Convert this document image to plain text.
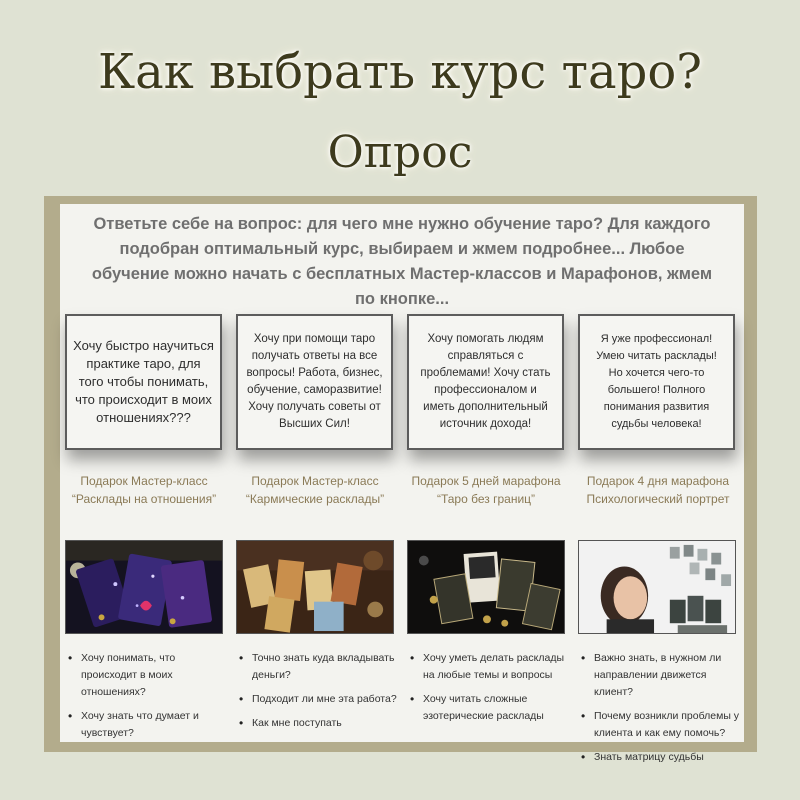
Как выбрать курс таро?
Опрос
Ответьте себе на вопрос: для чего мне нужно обучение таро? Для каждого подобран оптимальный курс, выбираем и жмем подробнее... Любое обучение можно начать с бесплатных Мастер-классов и Марафонов, жмем по кнопке...
Хочу быстро научиться практике таро, для того чтобы понимать, что происходит в моих отношениях???
Хочу при помощи таро получать ответы на все вопросы! Работа, бизнес, обучение, саморазвитие! Хочу получать советы от Высших Сил!
Хочу помогать людям справляться с проблемами! Хочу стать профессионалом и иметь дополнительный источник дохода!
Я уже профессионал! Умею читать расклады! Но хочется чего-то большего! Полного понимания развития судьбы человека!
Подарок Мастер-класс “Расклады на отношения”
Подарок Мастер-класс “Кармические расклады”
Подарок 5 дней марафона “Таро без границ”
Подарок 4 дня марафона Психологический портрет
• Хочу понимать, что происходит в моих отношениях?
• Хочу знать что думает и чувствует?
• Точно знать куда вкладывать деньги?
• Подходит ли мне эта работа?
• Как мне поступать
• Хочу уметь делать расклады на любые темы и вопросы
• Хочу читать сложные эзотерические расклады
• Важно знать, в нужном ли направлении движется клиент?
• Почему возникли проблемы у клиента и как ему помочь?
• Знать матрицу судьбы
